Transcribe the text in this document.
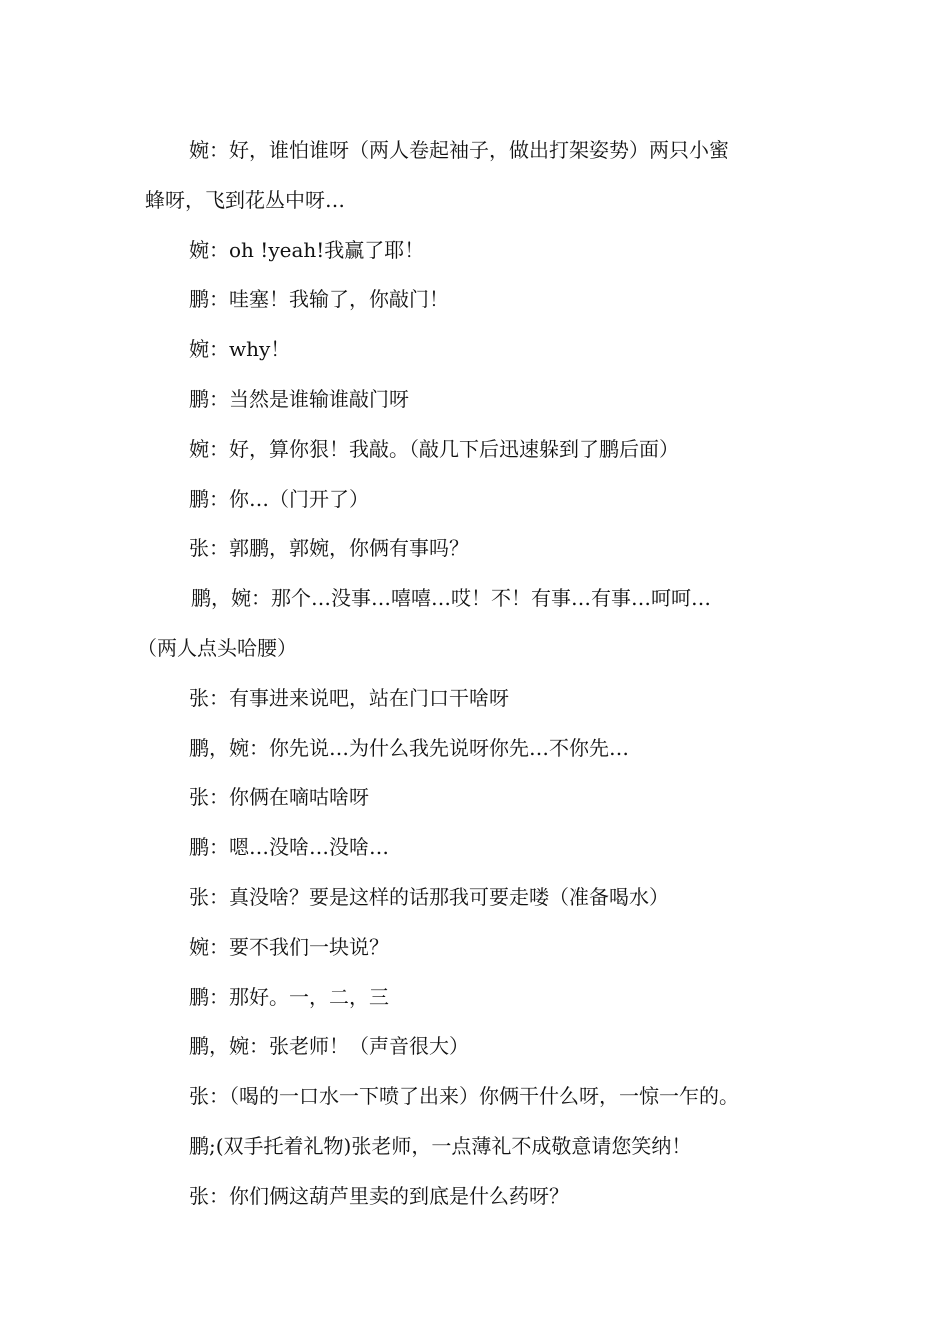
婉：好，谁怕谁呀（两人卷起袖子，做出打架姿势）两只小蜜
蜂呀，飞到花丛中呀…
婉：oh !yeah!我赢了耶！
鹏：哇塞！我输了，你敲门！
婉：why！
鹏：当然是谁输谁敲门呀
婉：好，算你狠！我敲。（敲几下后迅速躲到了鹏后面）
鹏：你…（门开了）
张：郭鹏，郭婉，你俩有事吗？
鹏，婉：那个…没事…嘻嘻…哎！不！有事…有事…呵呵…
（两人点头哈腰）
张：有事进来说吧，站在门口干啥呀
鹏，婉：你先说…为什么我先说呀你先…不你先…
张：你俩在嘀咕啥呀
鹏：嗯…没啥…没啥…
张：真没啥？要是这样的话那我可要走喽（准备喝水）
婉：要不我们一块说？
鹏：那好。一，二，三
鹏，婉：张老师！（声音很大）
张：（喝的一口水一下喷了出来）你俩干什么呀，一惊一乍的。
鹏;(双手托着礼物)张老师，一点薄礼不成敬意请您笑纳！
张：你们俩这葫芦里卖的到底是什么药呀？
